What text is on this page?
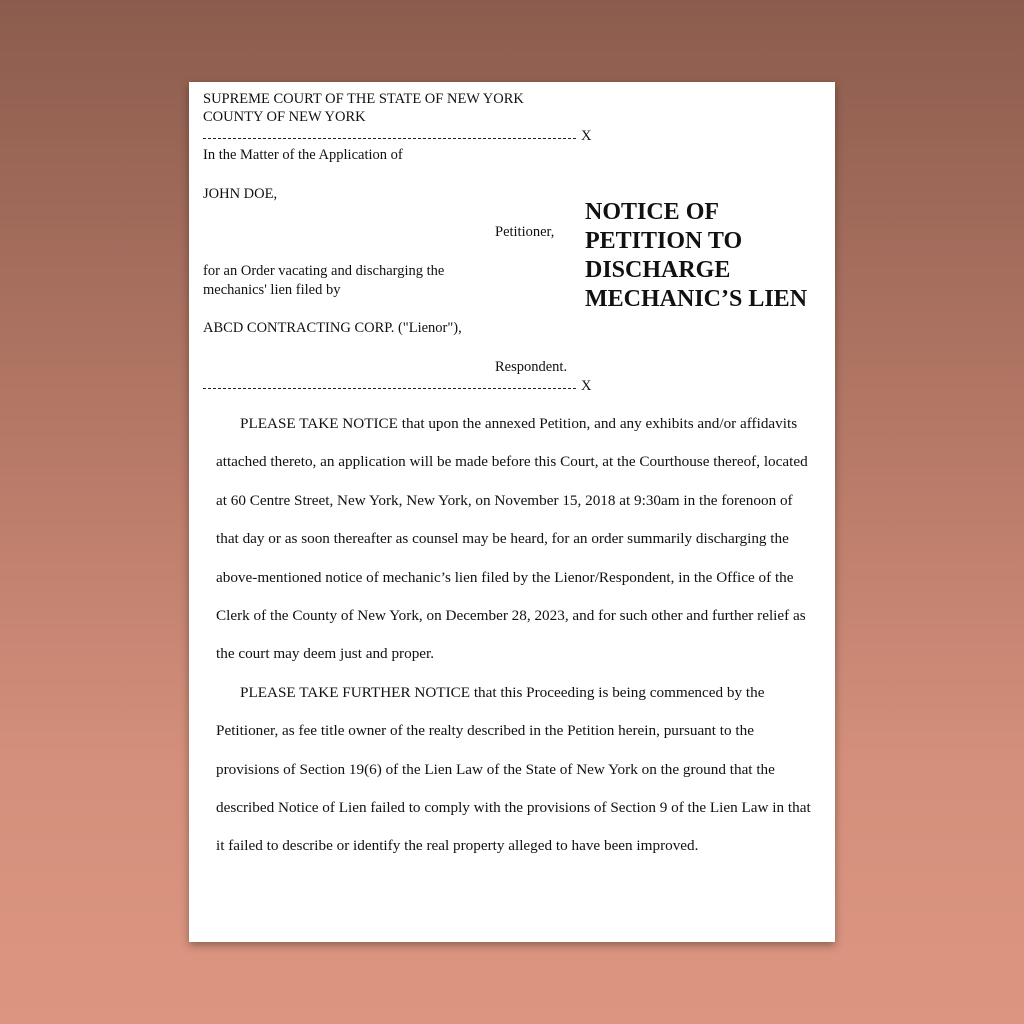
SUPREME COURT OF THE STATE OF NEW YORK
COUNTY OF NEW YORK
X
In the Matter of the Application of
JOHN DOE,
Petitioner,
for an Order vacating and discharging the
mechanics' lien filed by
ABCD CONTRACTING CORP. ("Lienor"),
Respondent.
X
NOTICE OF
PETITION TO
DISCHARGE
MECHANIC’S LIEN

PLEASE TAKE NOTICE that upon the annexed Petition, and any exhibits and/or affidavits attached thereto, an application will be made before this Court, at the Courthouse thereof, located at 60 Centre Street, New York, New York, on November 15, 2018 at 9:30am in the forenoon of that day or as soon thereafter as counsel may be heard, for an order summarily discharging the above-mentioned notice of mechanic’s lien filed by the Lienor/Respondent, in the Office of the Clerk of the County of New York, on December 28, 2023, and for such other and further relief as the court may deem just and proper.

PLEASE TAKE FURTHER NOTICE that this Proceeding is being commenced by the Petitioner, as fee title owner of the realty described in the Petition herein, pursuant to the provisions of Section 19(6) of the Lien Law of the State of New York on the ground that the described Notice of Lien failed to comply with the provisions of Section 9 of the Lien Law in that it failed to describe or identify the real property alleged to have been improved.
